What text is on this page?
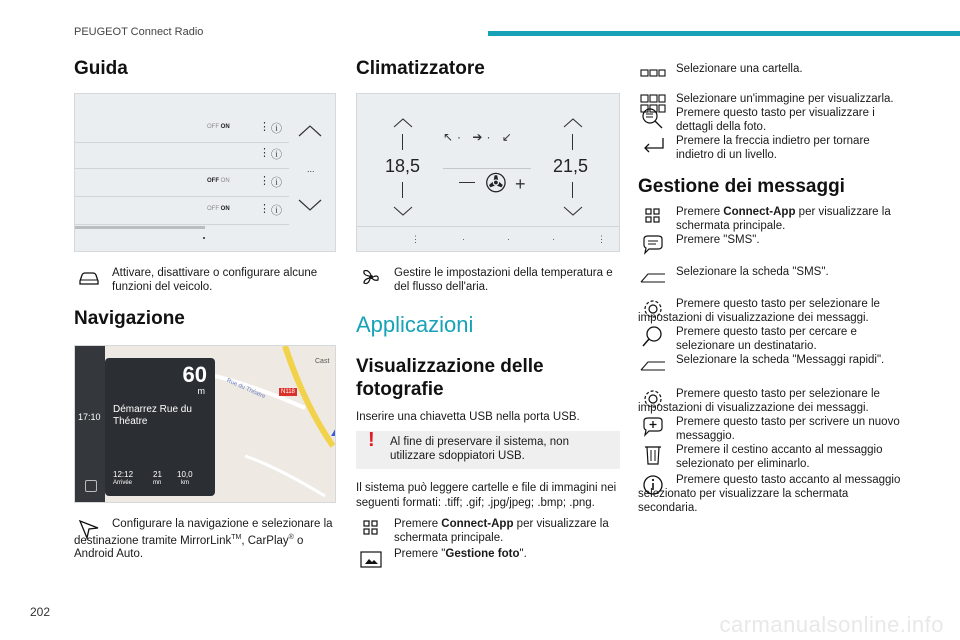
PEUGEOT Connect Radio
Guida
OFF ON	⋮ ⓘ
⋮ ⓘ
OFF ON	⋮ ⓘ
OFF ON	⋮ ⓘ
...
Attivare, disattivare o configurare alcune funzioni del veicolo.
Navigazione
17:10
60
m
Démarrez Rue du Théatre
12:12
Arrivée
21
mn
10,0
km
N118
Rue du Théatre
Cast
Configurare la navigazione e selezionare la destinazione tramite MirrorLink™, CarPlay® o Android Auto.
Climatizzatore
18,5	21,5
↖· ➔· ↙
✇ +
⋮···⋮
Gestire le impostazioni della temperatura e del flusso dell'aria.
Applicazioni
Visualizzazione delle fotografie

Inserire una chiavetta USB nella porta USB.

! Al fine di preservare il sistema, non utilizzare sdoppiatori USB.

Il sistema può leggere cartelle e file di immagini nei seguenti formati: .tiff; .gif; .jpg/jpeg; .bmp; .png.

Premere Connect-App per visualizzare la schermata principale.
Premere "Gestione foto".
Selezionare una cartella.
Selezionare un'immagine per visualizzarla.
Premere questo tasto per visualizzare i dettagli della foto.
Premere la freccia indietro per tornare indietro di un livello.
Gestione dei messaggi
Premere Connect-App per visualizzare la schermata principale.
Premere "SMS".
Selezionare la scheda "SMS".
Premere questo tasto per selezionare le impostazioni di visualizzazione dei messaggi.
Premere questo tasto per cercare e selezionare un destinatario.
Selezionare la scheda "Messaggi rapidi".
Premere questo tasto per selezionare le impostazioni di visualizzazione dei messaggi.
Premere questo tasto per scrivere un nuovo messaggio.
Premere il cestino accanto al messaggio selezionato per eliminarlo.
Premere questo tasto accanto al messaggio selezionato per visualizzare la schermata secondaria.
202	carmanualsonline.info
